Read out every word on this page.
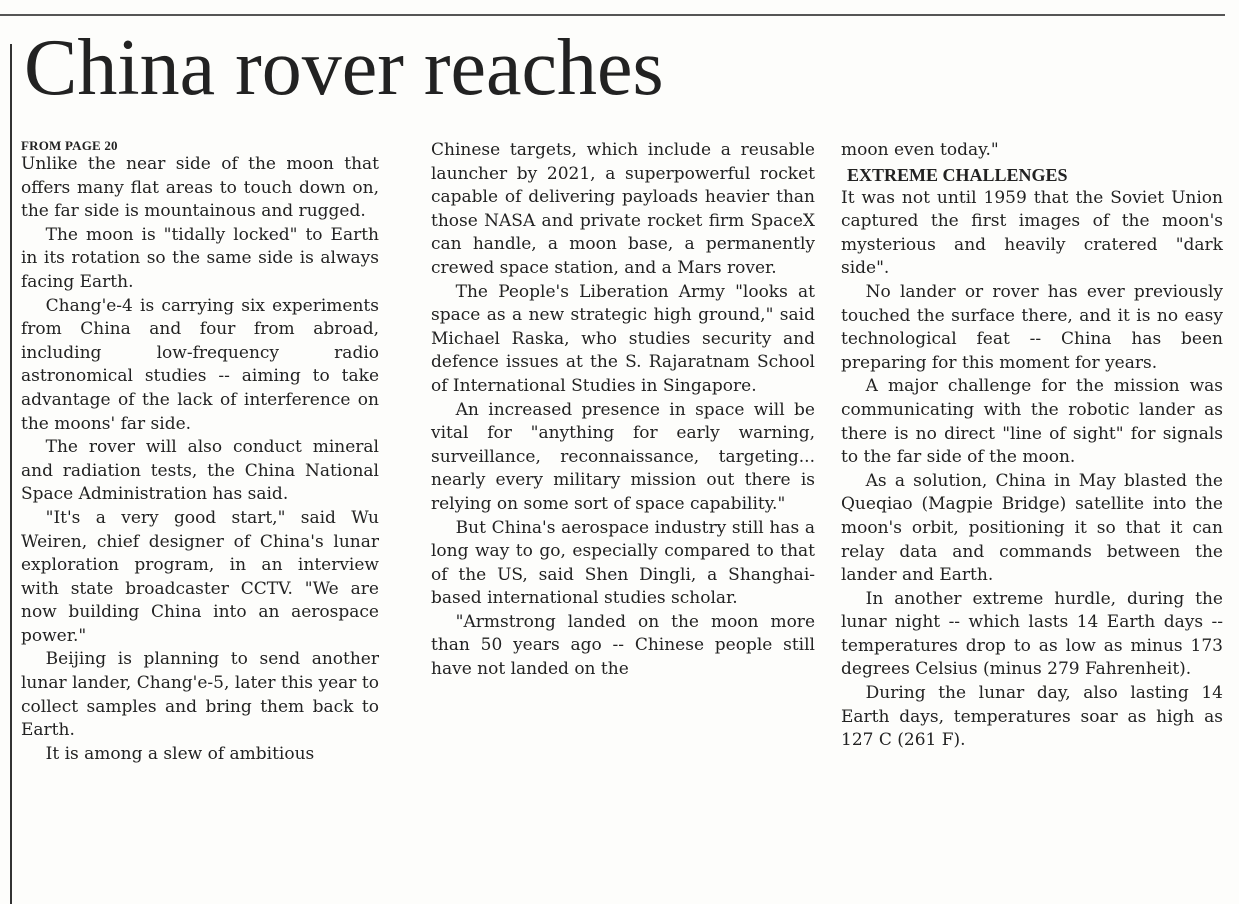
China rover reaches
FROM PAGE 20

Unlike the near side of the moon that offers many flat areas to touch down on, the far side is mountainous and rugged.

The moon is "tidally locked" to Earth in its rotation so the same side is always facing Earth.

Chang'e-4 is carrying six experiments from China and four from abroad, including low-frequency radio astronomical studies -- aiming to take advantage of the lack of interference on the moons' far side.

The rover will also conduct mineral and radiation tests, the China National Space Administration has said.

"It's a very good start," said Wu Weiren, chief designer of China's lunar exploration program, in an interview with state broadcaster CCTV. "We are now building China into an aerospace power."

Beijing is planning to send another lunar lander, Chang'e-5, later this year to collect samples and bring them back to Earth.

It is among a slew of ambitious

Chinese targets, which include a reusable launcher by 2021, a superpowerful rocket capable of delivering payloads heavier than those NASA and private rocket firm SpaceX can handle, a moon base, a permanently crewed space station, and a Mars rover.

The People's Liberation Army "looks at space as a new strategic high ground," said Michael Raska, who studies security and defence issues at the S. Rajaratnam School of International Studies in Singapore.

An increased presence in space will be vital for "anything for early warning, surveillance, reconnaissance, targeting... nearly every military mission out there is relying on some sort of space capability."

But China's aerospace industry still has a long way to go, especially compared to that of the US, said Shen Dingli, a Shanghai-based international studies scholar.

"Armstrong landed on the moon more than 50 years ago -- Chinese people still have not landed on the

moon even today."

EXTREME CHALLENGES

It was not until 1959 that the Soviet Union captured the first images of the moon's mysterious and heavily cratered "dark side".

No lander or rover has ever previously touched the surface there, and it is no easy technological feat -- China has been preparing for this moment for years.

A major challenge for the mission was communicating with the robotic lander as there is no direct "line of sight" for signals to the far side of the moon.

As a solution, China in May blasted the Queqiao (Magpie Bridge) satellite into the moon's orbit, positioning it so that it can relay data and commands between the lander and Earth.

In another extreme hurdle, during the lunar night -- which lasts 14 Earth days -- temperatures drop to as low as minus 173 degrees Celsius (minus 279 Fahrenheit).

During the lunar day, also lasting 14 Earth days, temperatures soar as high as 127 C (261 F).
